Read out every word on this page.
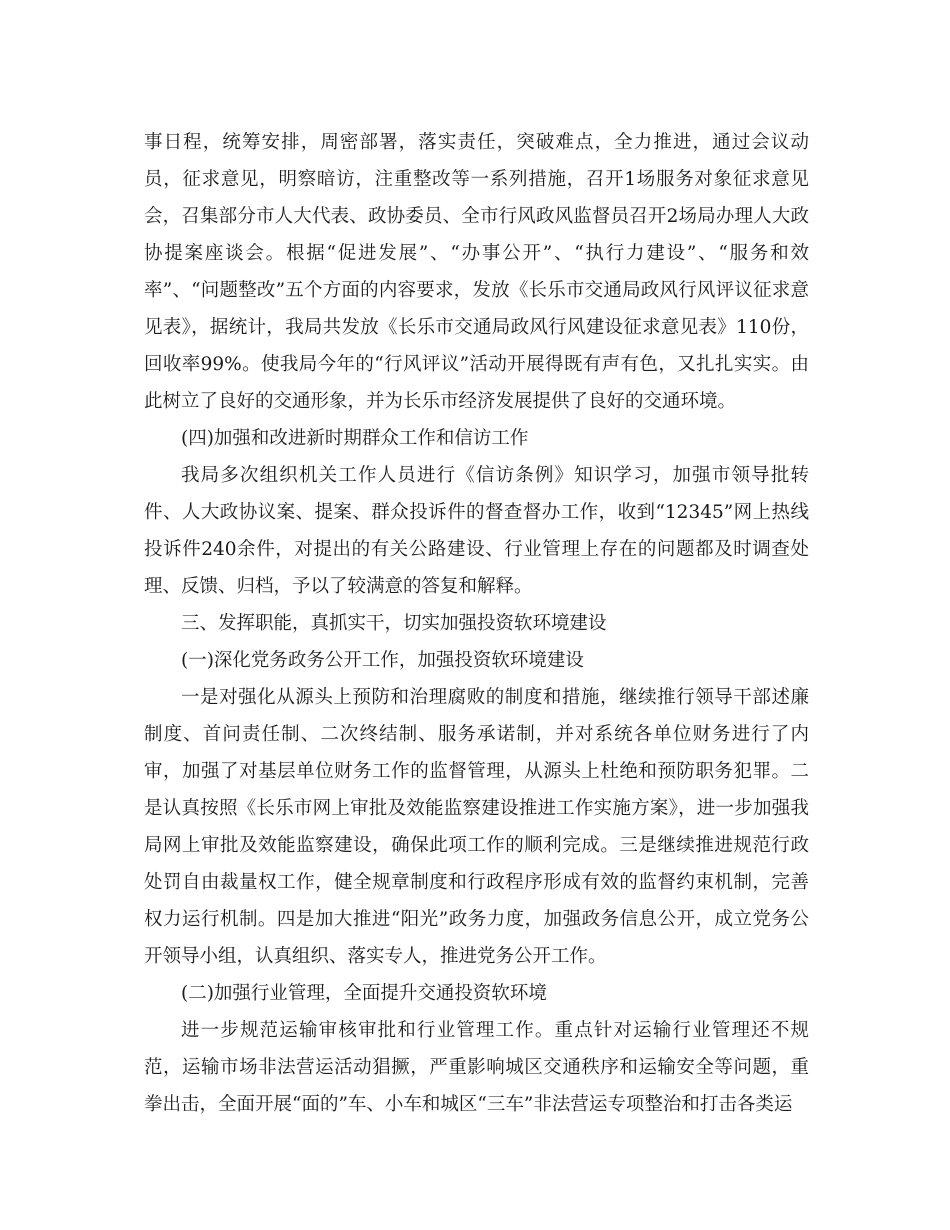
事日程，统筹安排，周密部署，落实责任，突破难点，全力推进，通过会议动员，征求意见，明察暗访，注重整改等一系列措施，召开1场服务对象征求意见会，召集部分市人大代表、政协委员、全市行风政风监督员召开2场局办理人大政协提案座谈会。根据“促进发展”、“办事公开”、“执行力建设”、“服务和效率”、“问题整改”五个方面的内容要求，发放《长乐市交通局政风行风评议征求意见表》，据统计，我局共发放《长乐市交通局政风行风建设征求意见表》110份，回收率99%。使我局今年的“行风评议”活动开展得既有声有色，又扎扎实实。由此树立了良好的交通形象，并为长乐市经济发展提供了良好的交通环境。

(四)加强和改进新时期群众工作和信访工作

我局多次组织机关工作人员进行《信访条例》知识学习，加强市领导批转件、人大政协议案、提案、群众投诉件的督查督办工作，收到“12345”网上热线投诉件240余件，对提出的有关公路建设、行业管理上存在的问题都及时调查处理、反馈、归档，予以了较满意的答复和解释。

三、发挥职能，真抓实干，切实加强投资软环境建设

(一)深化党务政务公开工作，加强投资软环境建设

一是对强化从源头上预防和治理腐败的制度和措施，继续推行领导干部述廉制度、首问责任制、二次终结制、服务承诺制，并对系统各单位财务进行了内审，加强了对基层单位财务工作的监督管理，从源头上杜绝和预防职务犯罪。二是认真按照《长乐市网上审批及效能监察建设推进工作实施方案》，进一步加强我局网上审批及效能监察建设，确保此项工作的顺利完成。三是继续推进规范行政处罚自由裁量权工作，健全规章制度和行政程序形成有效的监督约束机制，完善权力运行机制。四是加大推进“阳光”政务力度，加强政务信息公开，成立党务公开领导小组，认真组织、落实专人，推进党务公开工作。

(二)加强行业管理，全面提升交通投资软环境

进一步规范运输审核审批和行业管理工作。重点针对运输行业管理还不规范，运输市场非法营运活动猖撅，严重影响城区交通秩序和运输安全等问题，重拳出击，全面开展“面的”车、小车和城区“三车”非法营运专项整治和打击各类运
